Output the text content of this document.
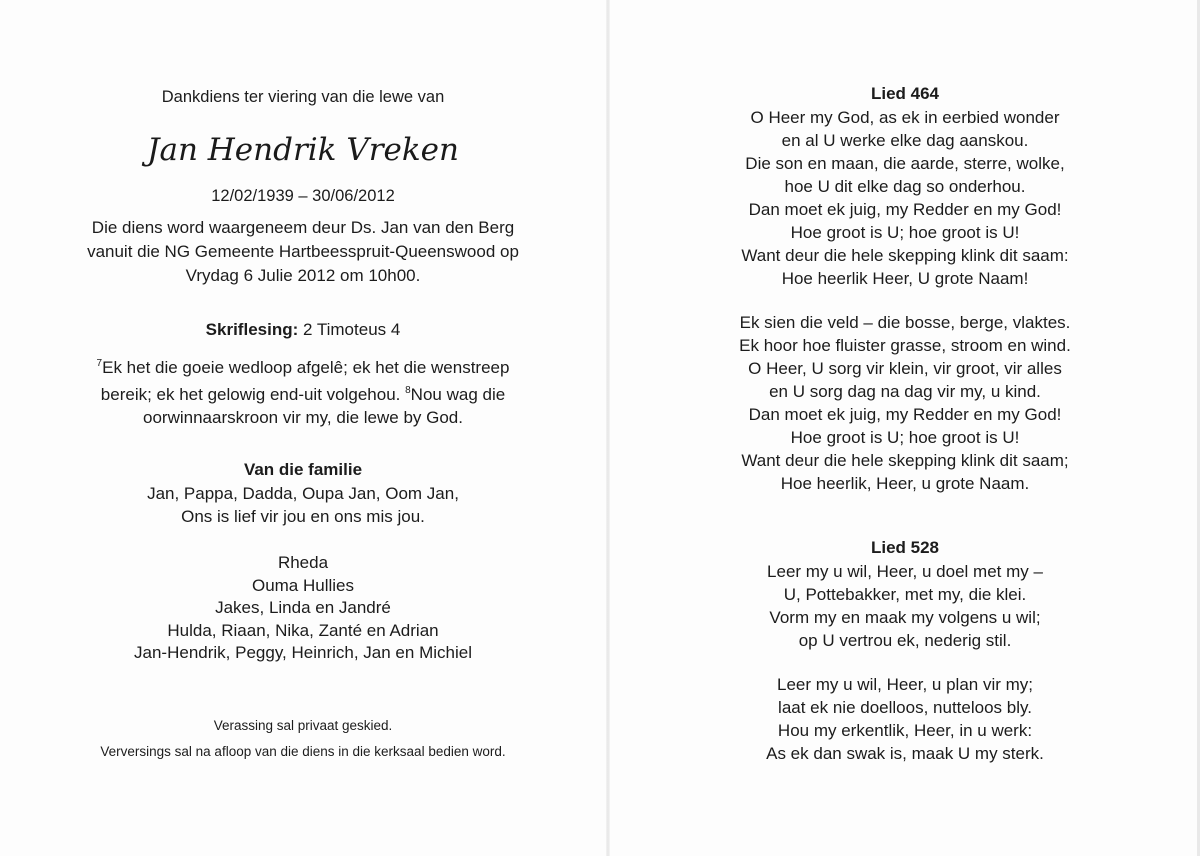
Dankdiens ter viering van die lewe van
Jan Hendrik Vreken
12/02/1939 – 30/06/2012
Die diens word waargeneem deur Ds. Jan van den Berg
vanuit die NG Gemeente Hartbeesspruit-Queenswood op
Vrydag 6 Julie 2012 om 10h00.
Skriflesing: 2 Timoteus 4
$^7$Ek het die goeie wedloop afgelê; ek het die wenstreep
bereik; ek het gelowig end-uit volgehou. $^8$Nou wag die
oorwinnaarskroon vir my, die lewe by God.
Van die familie
Jan, Pappa, Dadda, Oupa Jan, Oom Jan,
Ons is lief vir jou en ons mis jou.
Rheda
Ouma Hullies
Jakes, Linda en Jandré
Hulda, Riaan, Nika, Zanté en Adrian
Jan-Hendrik, Peggy, Heinrich, Jan en Michiel
Verassing sal privaat geskied.
Verversings sal na afloop van die diens in die kerksaal bedien word.
Lied 464
O Heer my God, as ek in eerbied wonder
en al U werke elke dag aanskou.
Die son en maan, die aarde, sterre, wolke,
hoe U dit elke dag so onderhou.
Dan moet ek juig, my Redder en my God!
Hoe groot is U; hoe groot is U!
Want deur die hele skepping klink dit saam:
Hoe heerlik Heer, U grote Naam!
Ek sien die veld – die bosse, berge, vlaktes.
Ek hoor hoe fluister grasse, stroom en wind.
O Heer, U sorg vir klein, vir groot, vir alles
en U sorg dag na dag vir my, u kind.
Dan moet ek juig, my Redder en my God!
Hoe groot is U; hoe groot is U!
Want deur die hele skepping klink dit saam;
Hoe heerlik, Heer, u grote Naam.
Lied 528
Leer my u wil, Heer, u doel met my –
U, Pottebakker, met my, die klei.
Vorm my en maak my volgens u wil;
op U vertrou ek, nederig stil.
Leer my u wil, Heer, u plan vir my;
laat ek nie doelloos, nutteloos bly.
Hou my erkentlik, Heer, in u werk:
As ek dan swak is, maak U my sterk.
